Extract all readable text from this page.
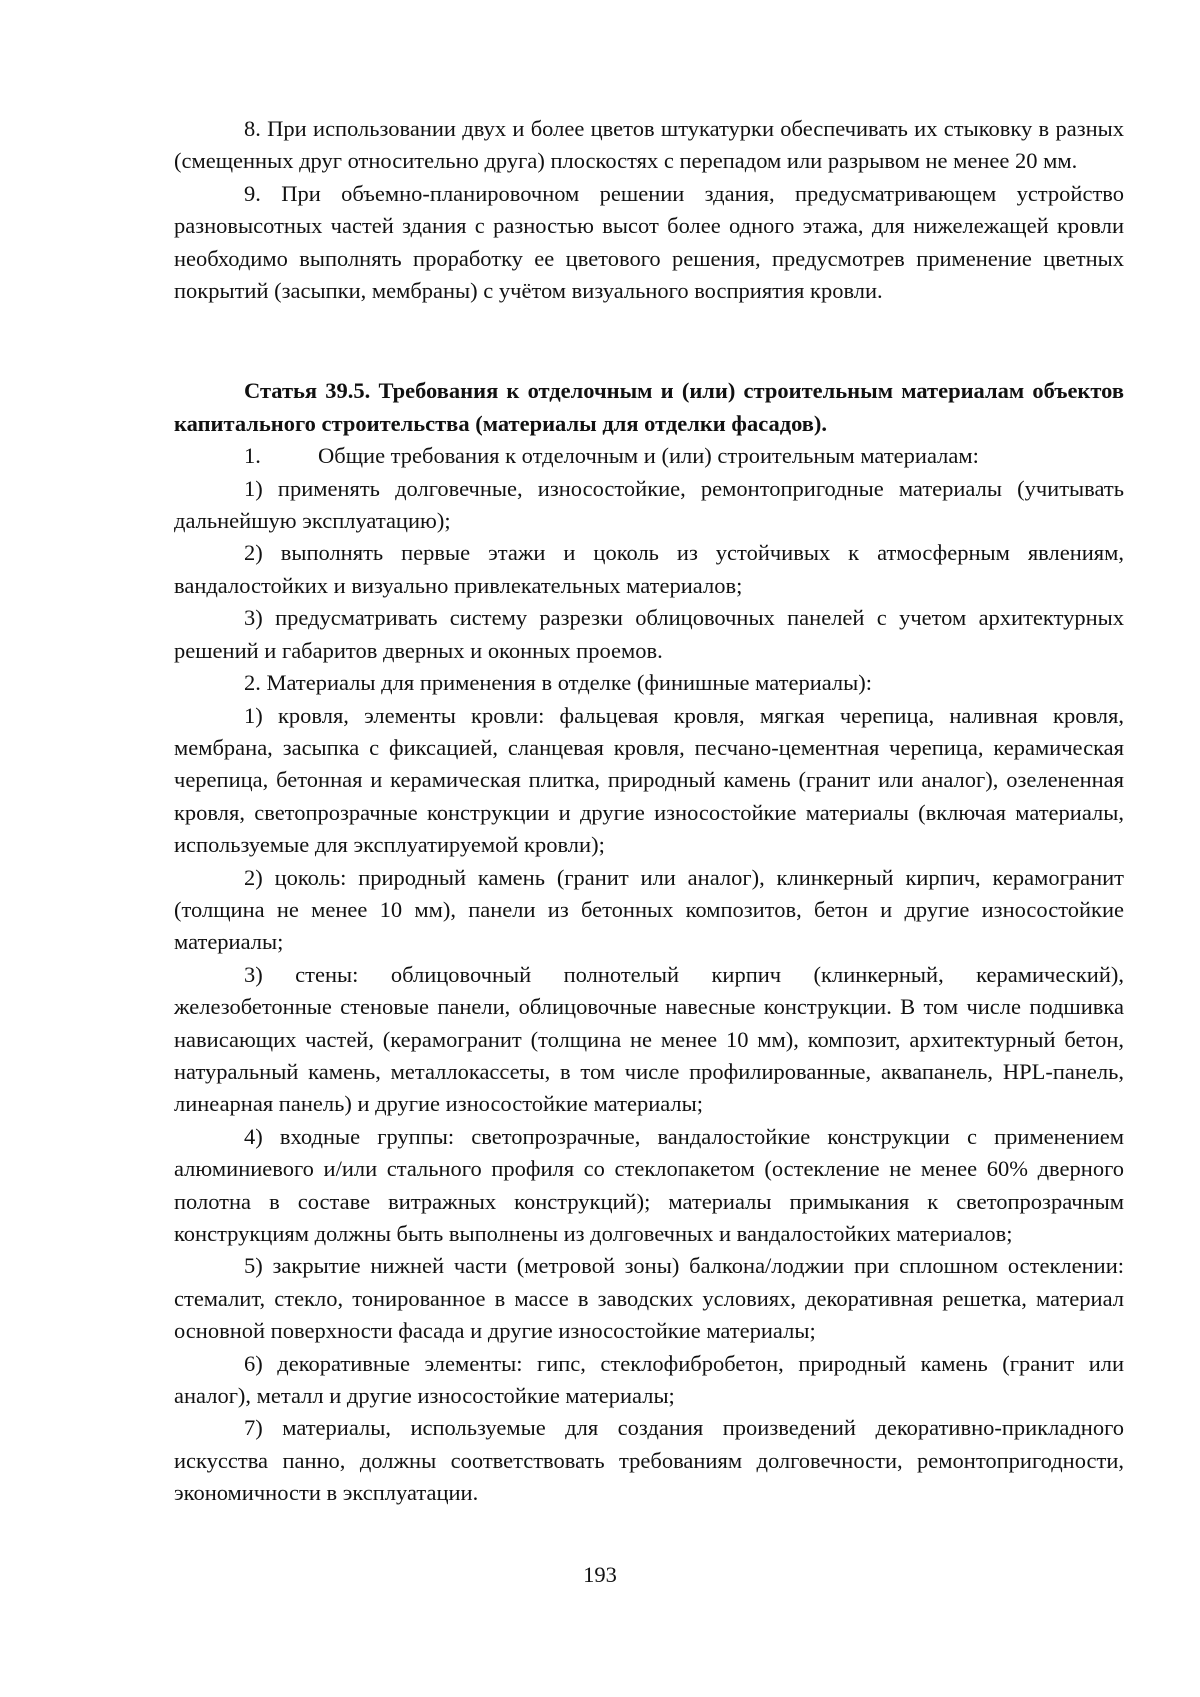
8. При использовании двух и более цветов штукатурки обеспечивать их стыковку в разных (смещенных друг относительно друга) плоскостях с перепадом или разрывом не менее 20 мм.

9. При объемно-планировочном решении здания, предусматривающем устройство разновысотных частей здания с разностью высот более одного этажа, для нижележащей кровли необходимо выполнять проработку ее цветового решения, предусмотрев применение цветных покрытий (засыпки, мембраны) с учётом визуального восприятия кровли.

Статья 39.5. Требования к отделочным и (или) строительным материалам объектов капитального строительства (материалы для отделки фасадов).

1.	Общие требования к отделочным и (или) строительным материалам:

1) применять долговечные, износостойкие, ремонтопригодные материалы (учитывать дальнейшую эксплуатацию);

2) выполнять первые этажи и цоколь из устойчивых к атмосферным явлениям, вандалостойких и визуально привлекательных материалов;

3) предусматривать систему разрезки облицовочных панелей с учетом архитектурных решений и габаритов дверных и оконных проемов.

2. Материалы для применения в отделке (финишные материалы):

1) кровля, элементы кровли: фальцевая кровля, мягкая черепица, наливная кровля, мембрана, засыпка с фиксацией, сланцевая кровля, песчано-цементная черепица, керамическая черепица, бетонная и керамическая плитка, природный камень (гранит или аналог), озелененная кровля, светопрозрачные конструкции и другие износостойкие материалы (включая материалы, используемые для эксплуатируемой кровли);

2) цоколь: природный камень (гранит или аналог), клинкерный кирпич, керамогранит (толщина не менее 10 мм), панели из бетонных композитов, бетон и другие износостойкие материалы;

3) стены: облицовочный полнотелый кирпич (клинкерный, керамический), железобетонные стеновые панели, облицовочные навесные конструкции. В том числе подшивка нависающих частей, (керамогранит (толщина не менее 10 мм), композит, архитектурный бетон, натуральный камень, металлокассеты, в том числе профилированные, аквапанель, HPL-панель, линеарная панель) и другие износостойкие материалы;

4) входные группы: светопрозрачные, вандалостойкие конструкции с применением алюминиевого и/или стального профиля со стеклопакетом (остекление не менее 60% дверного полотна в составе витражных конструкций); материалы примыкания к светопрозрачным конструкциям должны быть выполнены из долговечных и вандалостойких материалов;

5) закрытие нижней части (метровой зоны) балкона/лоджии при сплошном остеклении: стемалит, стекло, тонированное в массе в заводских условиях, декоративная решетка, материал основной поверхности фасада и другие износостойкие материалы;

6) декоративные элементы: гипс, стеклофибробетон, природный камень (гранит или аналог), металл и другие износостойкие материалы;

7) материалы, используемые для создания произведений декоративно-прикладного искусства панно, должны соответствовать требованиям долговечности, ремонтопригодности, экономичности в эксплуатации.

193
